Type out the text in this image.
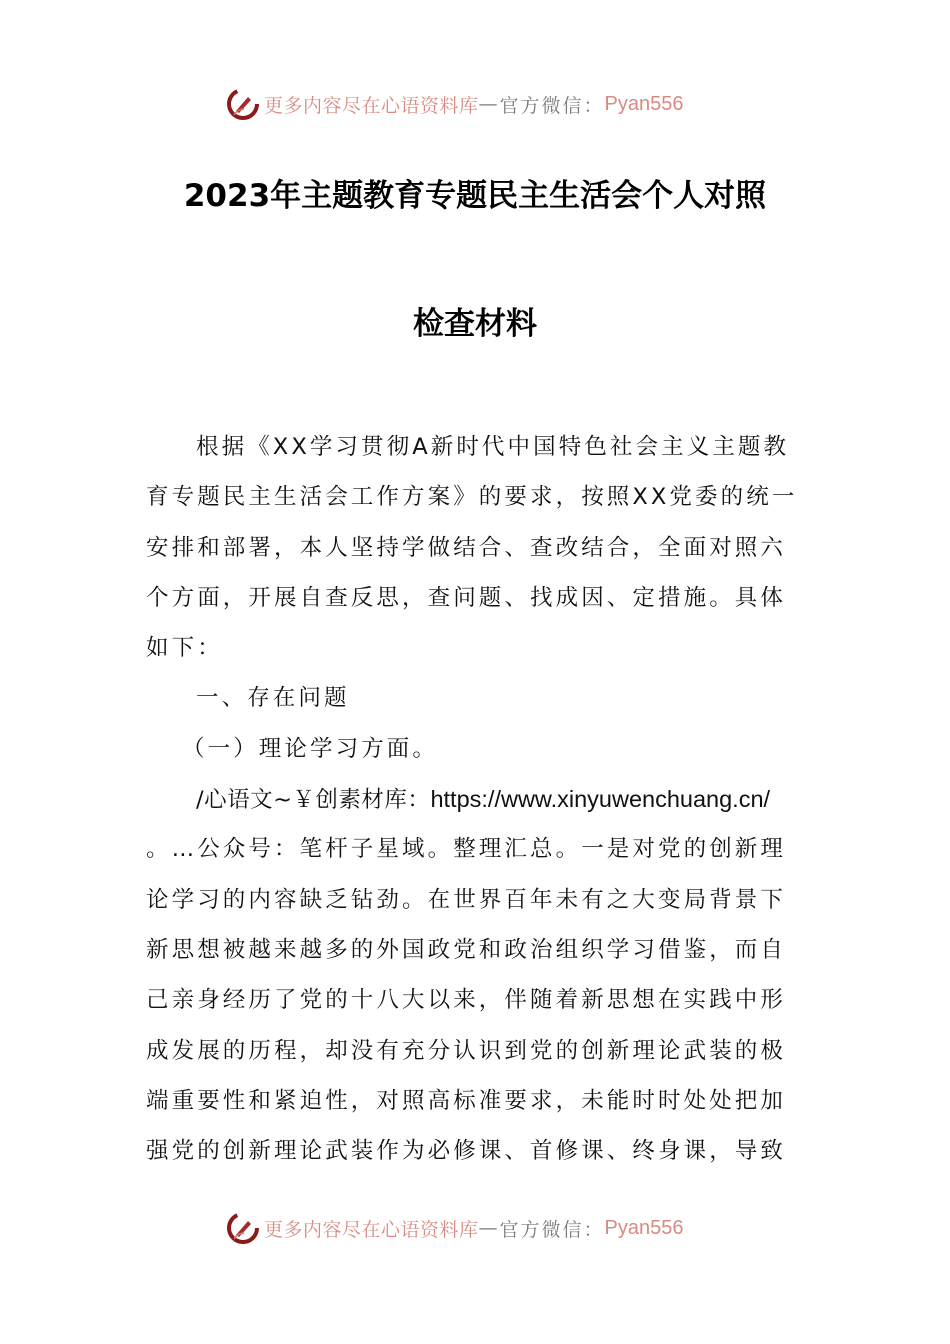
更多内容尽在心语资料库 — 官方微信： Pyan556
2023年主题教育专题民主生活会个人对照
检查材料
根据《XX学习贯彻A新时代中国特色社会主义主题教
育专题民主生活会工作方案》的要求，按照XX党委的统一
安排和部署，本人坚持学做结合、查改结合，全面对照六
个方面，开展自查反思，查问题、找成因、定措施。具体
如下：
一、存在问题
（一）理论学习方面。
/心语文~￥创素材库：https://www.xinyuwenchuang.cn/
。…公众号：笔杆子星域。整理汇总。一是对党的创新理
论学习的内容缺乏钻劲。在世界百年未有之大变局背景下
新思想被越来越多的外国政党和政治组织学习借鉴，而自
己亲身经历了党的十八大以来，伴随着新思想在实践中形
成发展的历程，却没有充分认识到党的创新理论武装的极
端重要性和紧迫性，对照高标准要求，未能时时处处把加
强党的创新理论武装作为必修课、首修课、终身课，导致
更多内容尽在心语资料库 — 官方微信： Pyan556
